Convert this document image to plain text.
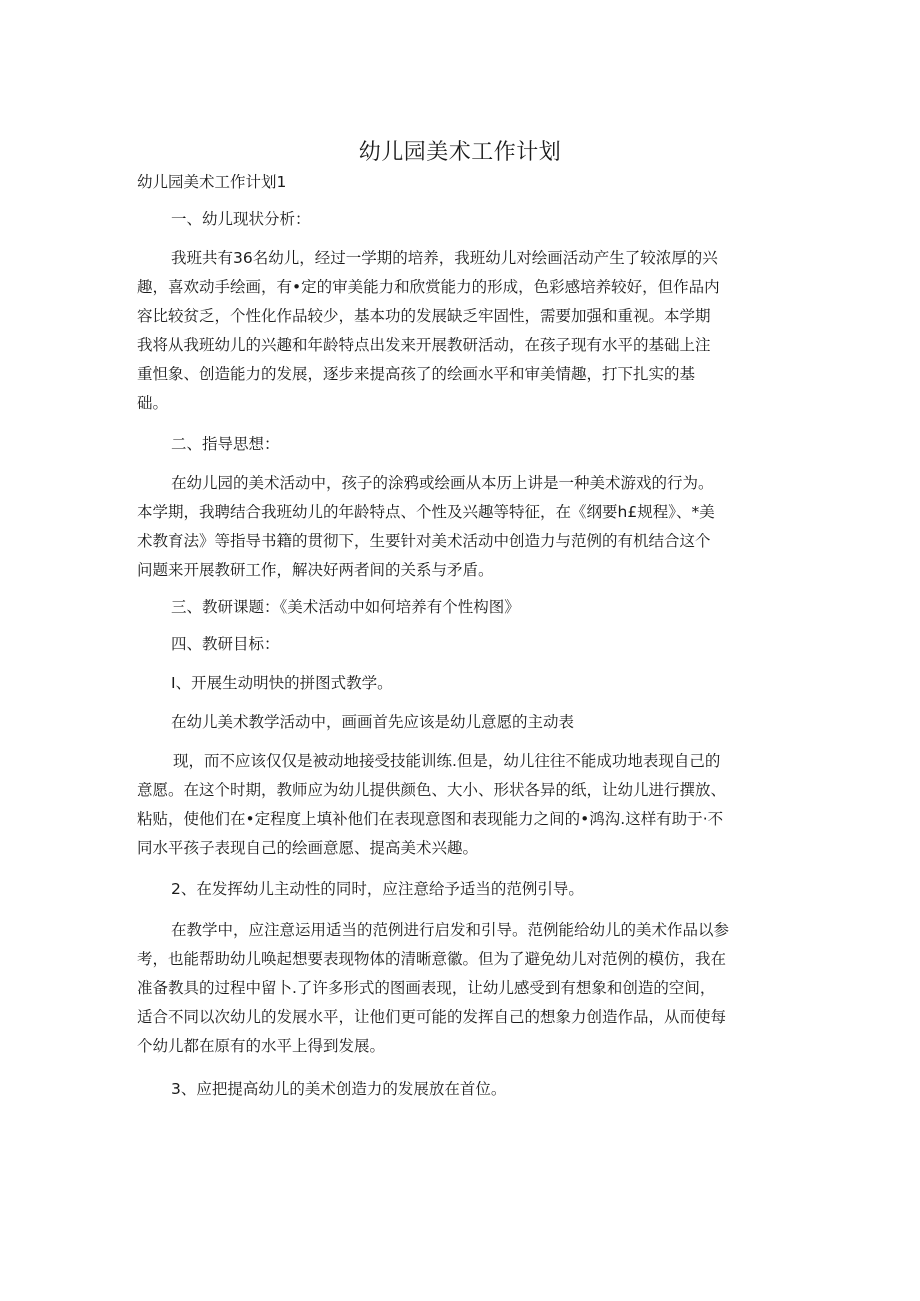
幼儿园美术工作计划

幼儿园美术工作计划1

一、幼儿现状分析：

我班共有36名幼儿，经过一学期的培养，我班幼儿对绘画活动产生了较浓厚的兴

趣，喜欢动手绘画，有•定的审美能力和欣赏能力的形成，色彩感培养较好，但作品内

容比较贫乏，个性化作品较少，基本功的发展缺乏牢固性，需要加强和重视。本学期

我将从我班幼儿的兴趣和年龄特点出发来开展教研活动，在孩子现有水平的基础上注

重怛象、创造能力的发展，逐步来提高孩了的绘画水平和审美情趣，打下扎实的基

础。

二、指导思想：

在幼儿园的美术活动中，孩子的涂鸦或绘画从本历上讲是一种美术游戏的行为。

本学期，我聘结合我班幼儿的年龄特点、个性及兴趣等特征，在《纲要h£规程》、*美

术教育法》等指导书籍的贯彻下，生要针对美术活动中创造力与范例的有机结合这个

问题来开展教研工作，解决好两者间的关系与矛盾。

三、教研课题：《美术活动中如何培养有个性构图》

四、教研目标：

I、开展生动明快的拼图式教学。

在幼儿美术教学活动中，画画首先应该是幼儿意愿的主动表

现，而不应该仅仅是被动地接受技能训练.但是，幼儿往往不能成功地表现自己的

意愿。在这个时期，教师应为幼儿提供颜色、大小、形状各异的纸，让幼儿进行撰放、

粘贴，使他们在•定程度上填补他们在表现意图和表现能力之间的•鸿沟.这样有助于·不

同水平孩子表现自己的绘画意愿、提高美术兴趣。

2、在发挥幼儿主动性的同时，应注意给予适当的范例引导。

在教学中，应注意运用适当的范例进行启发和引导。范例能给幼儿的美术作品以参

考，也能帮助幼儿唤起想要表现物体的清晰意徽。但为了避免幼儿对范例的模仿，我在

准备教具的过程中留卜.了许多形式的图画表现，让幼儿感受到有想象和创造的空间，

适合不同以次幼儿的发展水平，让他们更可能的发挥自己的想象力创造作品，从而使每

个幼儿都在原有的水平上得到发展。

3、应把提高幼儿的美术创造力的发展放在首位。
